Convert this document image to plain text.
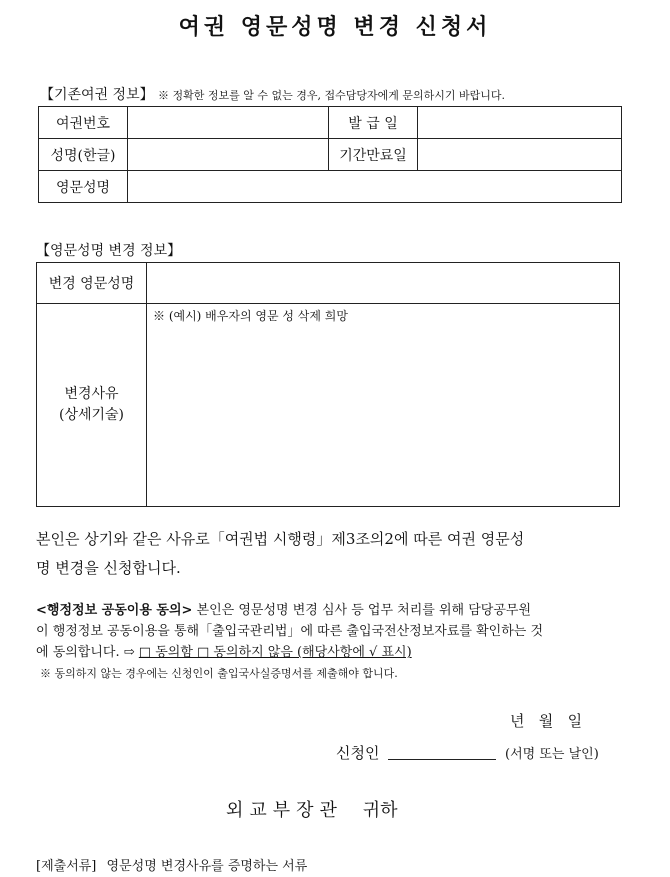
여권 영문성명 변경 신청서
【기존여권 정보】 ※ 정확한 정보를 알 수 없는 경우, 접수담당자에게 문의하시기 바랍니다.
여권번호		발 급 일	
성명(한글)		기간만료일	
영문성명			
【영문성명 변경 정보】
변경 영문성명	

변경사유
(상세기술)	※ (예시) 배우자의 영문 성 삭제 희망
본인은 상기와 같은 사유로「여권법 시행령」제3조의2에 따른 여권 영문성
명 변경을 신청합니다.
<행정정보 공동이용 동의> 본인은 영문성명 변경 심사 등 업무 처리를 위해 담당공무원
이 행정정보 공동이용을 통해「출입국관리법」에 따른 출입국전산정보자료를 확인하는 것
에 동의합니다. ⇨ □ 동의함 □ 동의하지 않음 (해당사항에 √ 표시)
※ 동의하지 않는 경우에는 신청인이 출입국사실증명서를 제출해야 합니다.
년   월   일
신청인	(서명 또는 날인)
외교부장관 귀하
[제출서류] 영문성명 변경사유를 증명하는 서류
